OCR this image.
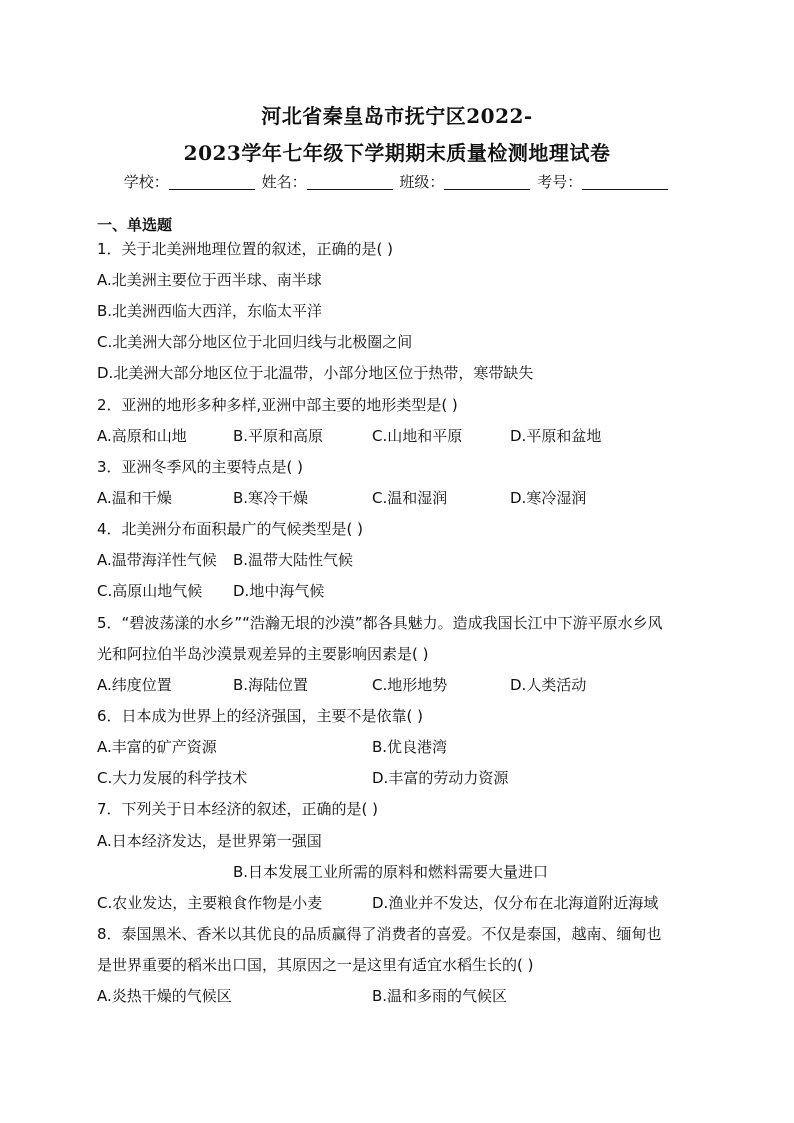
河北省秦皇岛市抚宁区2022-
2023学年七年级下学期期末质量检测地理试卷
学校：	姓名：	班级：	考号：
一、单选题
1．关于北美洲地理位置的叙述，正确的是( )
A.北美洲主要位于西半球、南半球
B.北美洲西临大西洋，东临太平洋
C.北美洲大部分地区位于北回归线与北极圈之间
D.北美洲大部分地区位于北温带，小部分地区位于热带，寒带缺失
2．亚洲的地形多种多样,亚洲中部主要的地形类型是( )
A.高原和山地	B.平原和高原	C.山地和平原	D.平原和盆地
3．亚洲冬季风的主要特点是( )
A.温和干燥	B.寒冷干燥	C.温和湿润	D.寒冷湿润
4．北美洲分布面积最广的气候类型是( )
A.温带海洋性气候 B.温带大陆性气候
C.高原山地气候 D.地中海气候
5．“碧波荡漾的水乡”“浩瀚无垠的沙漠”都各具魅力。造成我国长江中下游平原水乡风
光和阿拉伯半岛沙漠景观差异的主要影响因素是( )
A.纬度位置	B.海陆位置	C.地形地势	D.人类活动
6．日本成为世界上的经济强国，主要不是依靠( )
A.丰富的矿产资源	B.优良港湾
C.大力发展的科学技术	D.丰富的劳动力资源
7．下列关于日本经济的叙述，正确的是( )
A.日本经济发达，是世界第一强国
B.日本发展工业所需的原料和燃料需要大量进口
C.农业发达，主要粮食作物是小麦	D.渔业并不发达，仅分布在北海道附近海域
8．泰国黑米、香米以其优良的品质赢得了消费者的喜爱。不仅是泰国，越南、缅甸也
是世界重要的稻米出口国，其原因之一是这里有适宜水稻生长的( )
A.炎热干燥的气候区	B.温和多雨的气候区
